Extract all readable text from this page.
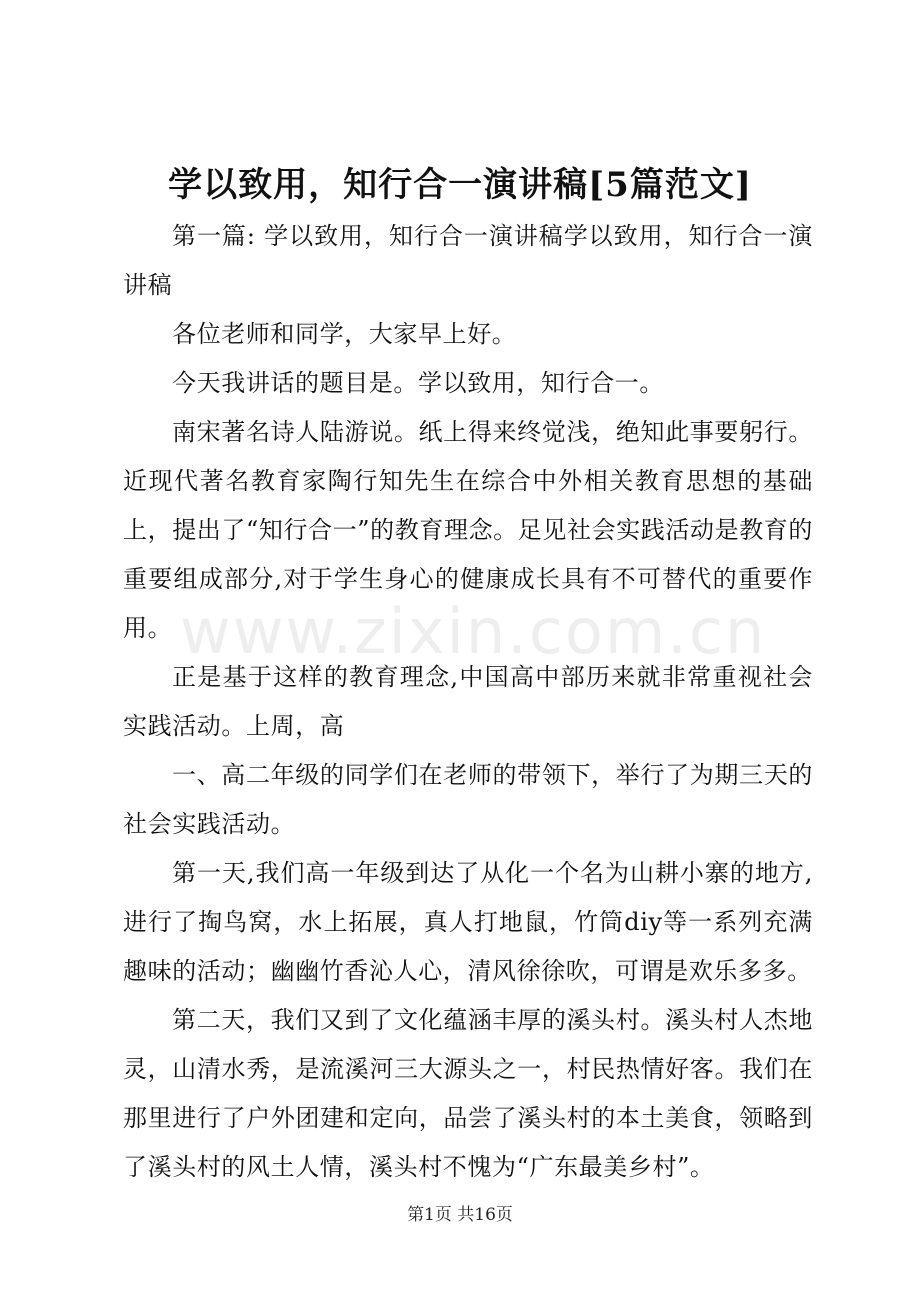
学以致用，知行合一演讲稿[5篇范文]

第一篇: 学以致用，知行合一演讲稿学以致用，知行合一演讲稿

各位老师和同学，大家早上好。

今天我讲话的题目是。学以致用，知行合一。

南宋著名诗人陆游说。纸上得来终觉浅，绝知此事要躬行。近现代著名教育家陶行知先生在综合中外相关教育思想的基础上，提出了“知行合一”的教育理念。足见社会实践活动是教育的重要组成部分,对于学生身心的健康成长具有不可替代的重要作用。

正是基于这样的教育理念,中国高中部历来就非常重视社会实践活动。上周，高

一、高二年级的同学们在老师的带领下，举行了为期三天的社会实践活动。

第一天,我们高一年级到达了从化一个名为山耕小寨的地方,进行了掏鸟窝，水上拓展，真人打地鼠，竹筒diy等一系列充满趣味的活动；幽幽竹香沁人心，清风徐徐吹，可谓是欢乐多多。

第二天，我们又到了文化蕴涵丰厚的溪头村。溪头村人杰地灵，山清水秀，是流溪河三大源头之一，村民热情好客。我们在那里进行了户外团建和定向，品尝了溪头村的本土美食，领略到了溪头村的风土人情，溪头村不愧为“广东最美乡村”。

www.zixin.com.cn
第1页 共16页
